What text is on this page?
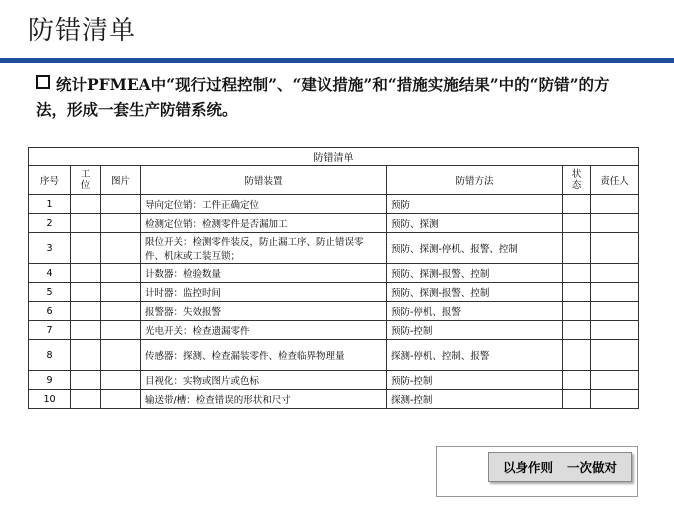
防错清单
统计PFMEA中“现行过程控制”、“建议措施”和“措施实施结果”中的“防错”的方法，形成一套生产防错系统。
防错清单						
序号	工位	图片	防错装置	防错方法	状态	责任人
1			导向定位销：工件正确定位	预防		
2			检测定位销：检测零件是否漏加工	预防、探测		
3			限位开关：检测零件装反，防止漏工序、防止错误零件、机床或工装互锁；	预防、探测-停机、报警、控制		
4			计数器：检验数量	预防、探测-报警、控制		
5			计时器：监控时间	预防、探测-报警、控制		
6			报警器：失效报警	预防-停机、报警		
7			光电开关：检查遗漏零件	预防-控制		
8			传感器：探测、检查漏装零件、检查临界物理量	探测-停机、控制、报警		
9			目视化：实物或图片或色标	预防-控制		
10			输送带/槽：检查错误的形状和尺寸	探测-控制		
以身作则 一次做对
